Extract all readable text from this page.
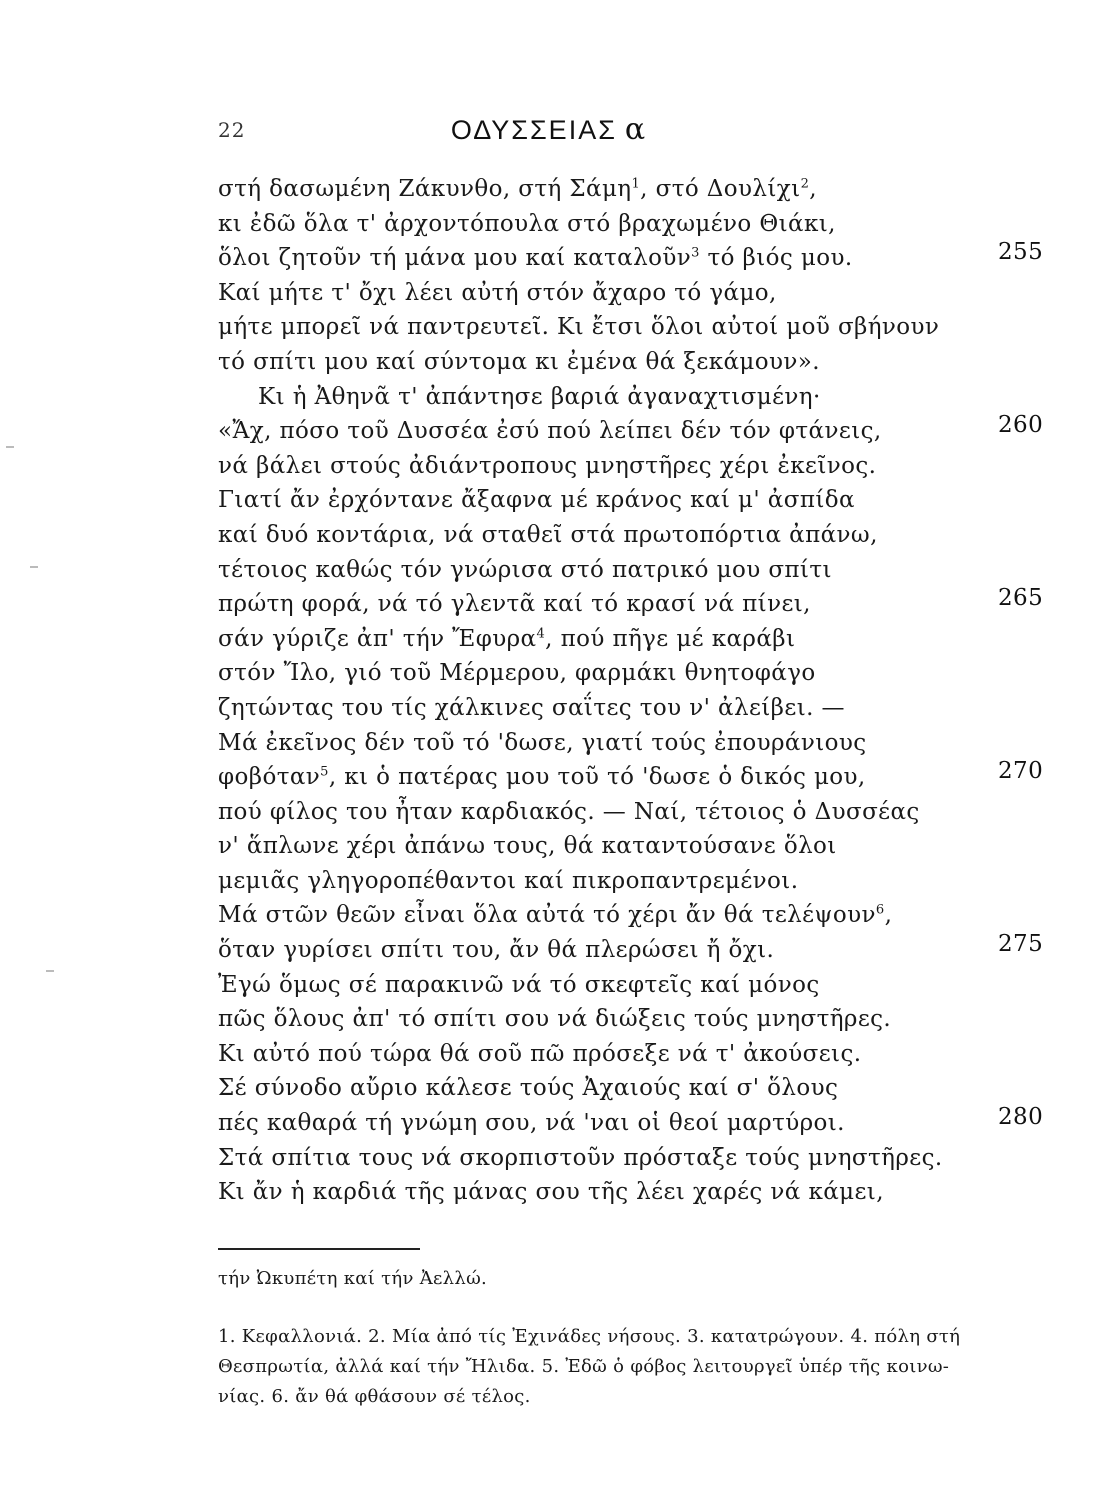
22	ΟΔΥΣΣΕΙΑΣ α
στή δασωμένη Ζάκυνθο, στή Σάμη$^1$, στό Δουλίχι$^2$,
κι ἐδῶ ὅλα τ' ἀρχοντόπουλα στό βραχωμένο Θιάκι,
ὅλοι ζητοῦν τή μάνα μου καί καταλοῦν$^3$ τό βιός μου.	255
Καί μήτε τ' ὄχι λέει αὐτή στόν ἄχαρο τό γάμο,
μήτε μπορεῖ νά παντρευτεῖ. Κι ἔτσι ὅλοι αὐτοί μοῦ σβήνουν
τό σπίτι μου καί σύντομα κι ἐμένα θά ξεκάμουν».
Κι ἡ Ἀθηνᾶ τ' ἀπάντησε βαριά ἀγαναχτισμένη·
«Ἄχ, πόσο τοῦ Δυσσέα ἐσύ πού λείπει δέν τόν φτάνεις,	260
νά βάλει στούς ἀδιάντροπους μνηστῆρες χέρι ἐκεῖνος.
Γιατί ἄν ἐρχόντανε ἄξαφνα μέ κράνος καί μ' ἀσπίδα
καί δυό κοντάρια, νά σταθεῖ στά πρωτοπόρτια ἀπάνω,
τέτοιος καθώς τόν γνώρισα στό πατρικό μου σπίτι
πρώτη φορά, νά τό γλεντᾶ καί τό κρασί νά πίνει,	265
σάν γύριζε ἀπ' τήν Ἔφυρα$^4$, πού πῆγε μέ καράβι
στόν Ἴλο, γιό τοῦ Μέρμερου, φαρμάκι θνητοφάγο
ζητώντας του τίς χάλκινες σαΐτες του ν' ἀλείβει. —
Μά ἐκεῖνος δέν τοῦ τό 'δωσε, γιατί τούς ἐπουράνιους
φοβόταν$^5$, κι ὁ πατέρας μου τοῦ τό 'δωσε ὁ δικός μου,	270
πού φίλος του ἦταν καρδιακός. — Ναί, τέτοιος ὁ Δυσσέας
ν' ἅπλωνε χέρι ἀπάνω τους, θά καταντούσανε ὅλοι
μεμιᾶς γληγοροπέθαντοι καί πικροπαντρεμένοι.
Μά στῶν θεῶν εἶναι ὅλα αὐτά τό χέρι ἄν θά τελέψουν$^6$,
ὅταν γυρίσει σπίτι του, ἄν θά πλερώσει ἤ ὄχι.	275
Ἐγώ ὅμως σέ παρακινῶ νά τό σκεφτεῖς καί μόνος
πῶς ὅλους ἀπ' τό σπίτι σου νά διώξεις τούς μνηστῆρες.
Κι αὐτό πού τώρα θά σοῦ πῶ πρόσεξε νά τ' ἀκούσεις.
Σέ σύνοδο αὔριο κάλεσε τούς Ἀχαιούς καί σ' ὅλους
πές καθαρά τή γνώμη σου, νά 'ναι οἱ θεοί μαρτύροι.	280
Στά σπίτια τους νά σκορπιστοῦν πρόσταξε τούς μνηστῆρες.
Κι ἄν ἡ καρδιά τῆς μάνας σου τῆς λέει χαρές νά κάμει,
τήν Ὠκυπέτη καί τήν Ἀελλώ.
1. Κεφαλλονιά. 2. Μία ἀπό τίς Ἐχινάδες νήσους. 3. κατατρώγουν. 4. πόλη στή
Θεσπρωτία, ἀλλά καί τήν Ἤλιδα. 5. Ἐδῶ ὁ φόβος λειτουργεῖ ὑπέρ τῆς κοινω-
νίας. 6. ἄν θά φθάσουν σέ τέλος.
